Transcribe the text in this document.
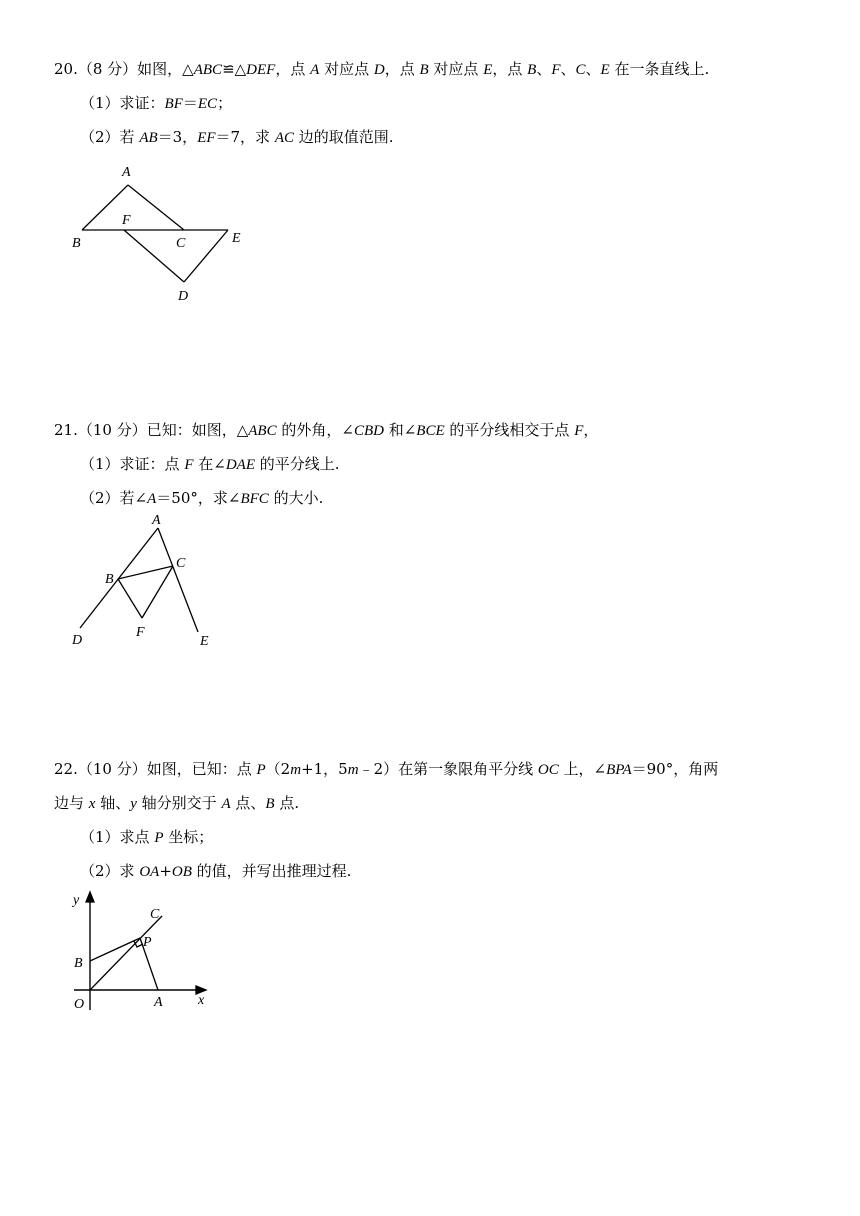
20.（8 分）如图，△ABC≌△DEF，点 A 对应点 D，点 B 对应点 E，点 B、F、C、E 在一条直线上.
（1）求证：BF＝EC；
（2）若 AB＝3，EF＝7，求 AC 边的取值范围.
A
B
F
C	E
D
21.（10 分）已知：如图，△ABC 的外角，∠CBD 和∠BCE 的平分线相交于点 F，
（1）求证：点 F 在∠DAE 的平分线上.
（2）若∠A＝50°，求∠BFC 的大小.
A
B
C
F
D	E
22.（10 分）如图，已知：点 P（2m+1，5m﹣2）在第一象限角平分线 OC 上，∠BPA＝90°，角两
边与 x 轴、y 轴分别交于 A 点、B 点.
（1）求点 P 坐标；
（2）求 OA+OB 的值，并写出推理过程.
y
C
P
B
O	A	x
